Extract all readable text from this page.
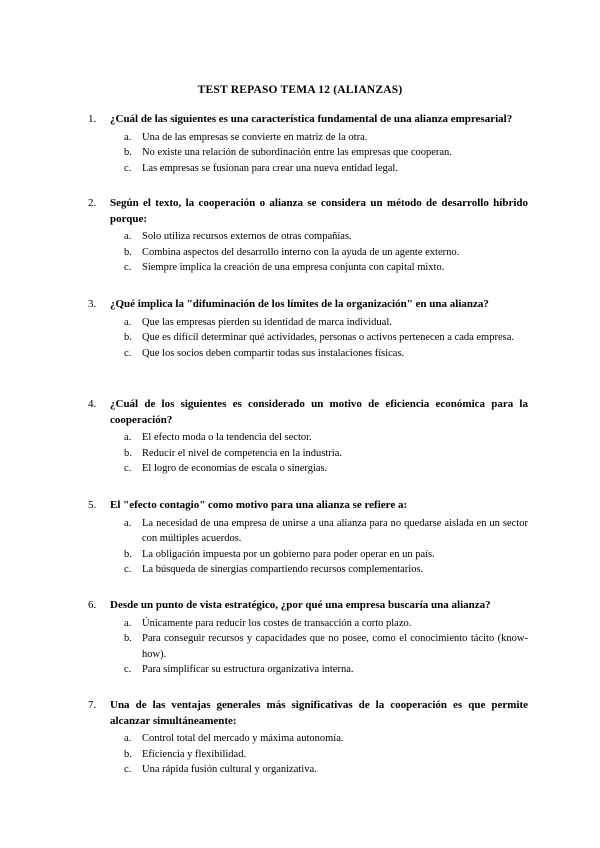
TEST REPASO TEMA 12 (ALIANZAS)
1.	¿Cuál de las siguientes es una característica fundamental de una alianza empresarial?
a.	Una de las empresas se convierte en matriz de la otra.
b. No existe una relación de subordinación entre las empresas que cooperan.
c.	Las empresas se fusionan para crear una nueva entidad legal.
2.	Según el texto, la cooperación o alianza se considera un método de desarrollo híbrido porque:
a.	Solo utiliza recursos externos de otras compañías.
b. Combina aspectos del desarrollo interno con la ayuda de un agente externo.
c.	Siempre implica la creación de una empresa conjunta con capital mixto.
3.	¿Qué implica la "difuminación de los límites de la organización" en una alianza?
a.	Que las empresas pierden su identidad de marca individual.
b. Que es difícil determinar qué actividades, personas o activos pertenecen a cada empresa.
c.	Que los socios deben compartir todas sus instalaciones físicas.
4.	¿Cuál de los siguientes es considerado un motivo de eficiencia económica para la cooperación?
a.	El efecto moda o la tendencia del sector.
b. Reducir el nivel de competencia en la industria.
c.	El logro de economías de escala o sinergias.
5.	El "efecto contagio" como motivo para una alianza se refiere a:
a.	La necesidad de una empresa de unirse a una alianza para no quedarse aislada en un sector con múltiples acuerdos.
b. La obligación impuesta por un gobierno para poder operar en un país.
c.	La búsqueda de sinergias compartiendo recursos complementarios.
6.	Desde un punto de vista estratégico, ¿por qué una empresa buscaría una alianza?
a.	Únicamente para reducir los costes de transacción a corto plazo.
b. Para conseguir recursos y capacidades que no posee, como el conocimiento tácito (know-how).
c.	Para simplificar su estructura organizativa interna.
7.	Una de las ventajas generales más significativas de la cooperación es que permite alcanzar simultáneamente:
a.	Control total del mercado y máxima autonomía.
b. Eficiencia y flexibilidad.
c.	Una rápida fusión cultural y organizativa.
